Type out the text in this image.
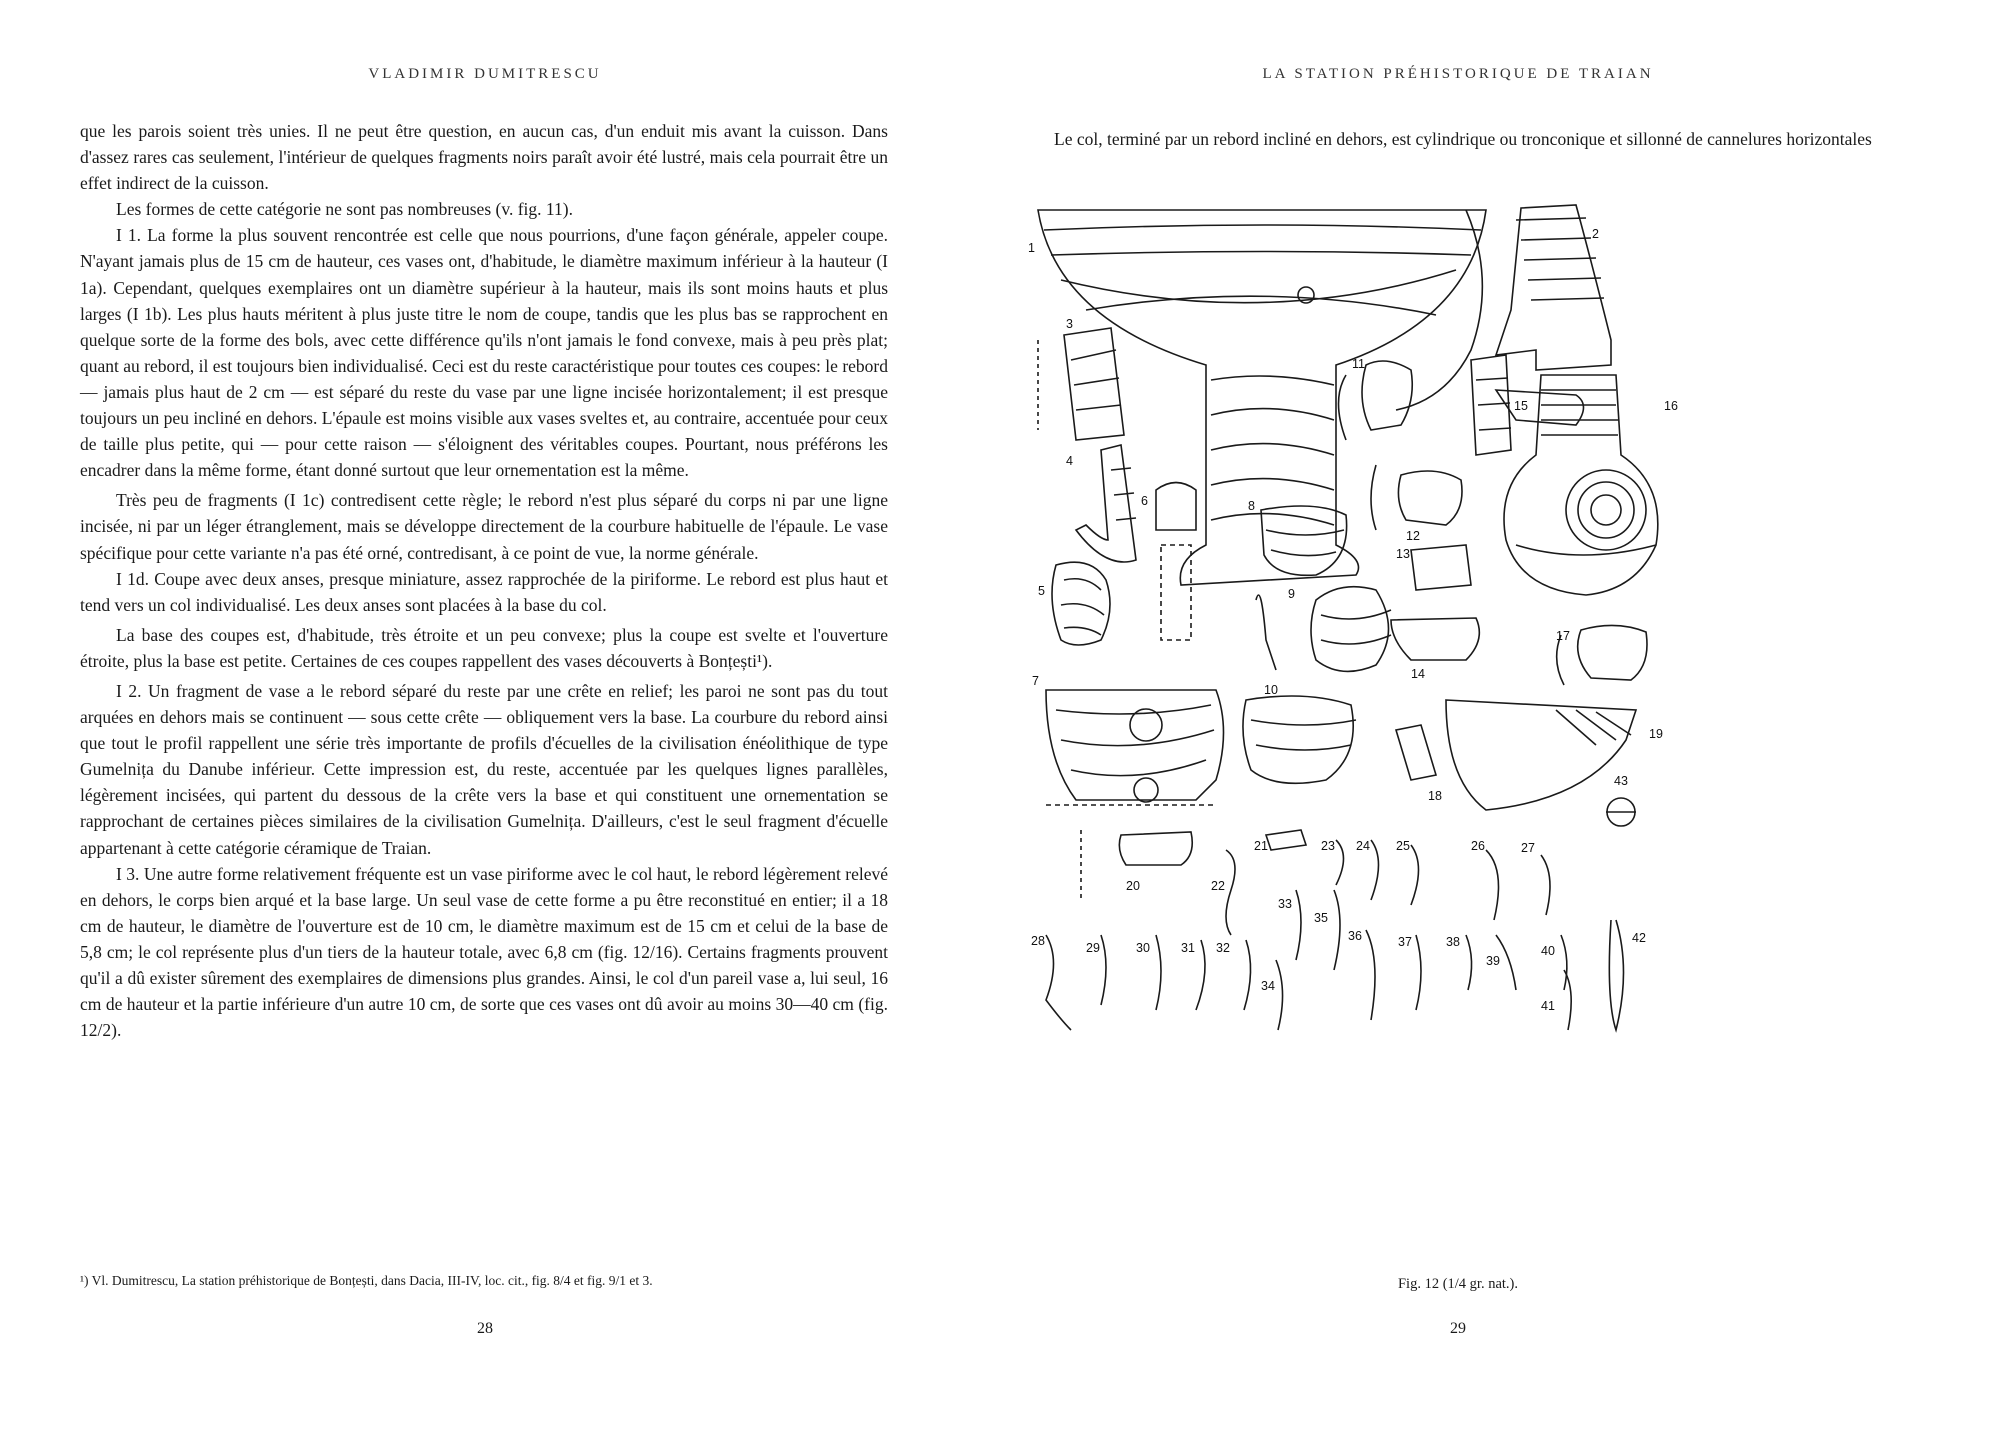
VLADIMIR DUMITRESCU

que les parois soient très unies. Il ne peut être question, en aucun cas, d'un enduit mis avant la cuisson. Dans d'assez rares cas seulement, l'intérieur de quelques fragments noirs paraît avoir été lustré, mais cela pourrait être un effet indirect de la cuisson.

Les formes de cette catégorie ne sont pas nombreuses (v. fig. 11).

I 1. La forme la plus souvent rencontrée est celle que nous pourrions, d'une façon générale, appeler coupe. N'ayant jamais plus de 15 cm de hauteur, ces vases ont, d'habitude, le diamètre maximum inférieur à la hauteur (I 1a). Cependant, quelques exemplaires ont un diamètre supérieur à la hauteur, mais ils sont moins hauts et plus larges (I 1b). Les plus hauts méritent à plus juste titre le nom de coupe, tandis que les plus bas se rapprochent en quelque sorte de la forme des bols, avec cette différence qu'ils n'ont jamais le fond convexe, mais à peu près plat; quant au rebord, il est toujours bien individualisé. Ceci est du reste caractéristique pour toutes ces coupes: le rebord — jamais plus haut de 2 cm — est séparé du reste du vase par une ligne incisée horizontalement; il est presque toujours un peu incliné en dehors. L'épaule est moins visible aux vases sveltes et, au contraire, accentuée pour ceux de taille plus petite, qui — pour cette raison — s'éloignent des véritables coupes. Pourtant, nous préférons les encadrer dans la même forme, étant donné surtout que leur ornementation est la même.

Très peu de fragments (I 1c) contredisent cette règle; le rebord n'est plus séparé du corps ni par une ligne incisée, ni par un léger étranglement, mais se développe directement de la courbure habituelle de l'épaule. Le vase spécifique pour cette variante n'a pas été orné, contredisant, à ce point de vue, la norme générale.

I 1d. Coupe avec deux anses, presque miniature, assez rapprochée de la piriforme. Le rebord est plus haut et tend vers un col individualisé. Les deux anses sont placées à la base du col.

La base des coupes est, d'habitude, très étroite et un peu convexe; plus la coupe est svelte et l'ouverture étroite, plus la base est petite. Certaines de ces coupes rappellent des vases découverts à Bonțești¹).

I 2. Un fragment de vase a le rebord séparé du reste par une crête en relief; les paroi ne sont pas du tout arquées en dehors mais se continuent — sous cette crête — obliquement vers la base. La courbure du rebord ainsi que tout le profil rappellent une série très importante de profils d'écuelles de la civilisation énéolithique de type Gumelnița du Danube inférieur. Cette impression est, du reste, accentuée par les quelques lignes parallèles, légèrement incisées, qui partent du dessous de la crête vers la base et qui constituent une ornementation se rapprochant de certaines pièces similaires de la civilisation Gumelnița. D'ailleurs, c'est le seul fragment d'écuelle appartenant à cette catégorie céramique de Traian.

I 3. Une autre forme relativement fréquente est un vase piriforme avec le col haut, le rebord légèrement relevé en dehors, le corps bien arqué et la base large. Un seul vase de cette forme a pu être reconstitué en entier; il a 18 cm de hauteur, le diamètre de l'ouverture est de 10 cm, le diamètre maximum est de 15 cm et celui de la base de 5,8 cm; le col représente plus d'un tiers de la hauteur totale, avec 6,8 cm (fig. 12/16). Certains fragments prouvent qu'il a dû exister sûrement des exemplaires de dimensions plus grandes. Ainsi, le col d'un pareil vase a, lui seul, 16 cm de hauteur et la partie inférieure d'un autre 10 cm, de sorte que ces vases ont dû avoir au moins 30—40 cm (fig. 12/2).

¹) Vl. Dumitrescu, La station préhistorique de Bonțești, dans Dacia, III-IV, loc. cit., fig. 8/4 et fig. 9/1 et 3.
28
LA STATION PRÉHISTORIQUE DE TRAIAN
Le col, terminé par un rebord incliné en dehors, est cylindrique ou tronconique et sillonné de cannelures horizontales
1
2
3
4
5
6
7
8
9
10
11
12
13
14
15	16
17
18
19
20
21
22
23 24 25	26	27
28	29	30 31 32
33
34
35
36	37	38
39
40
41
42
43
Fig. 12 (1/4 gr. nat.).
29
